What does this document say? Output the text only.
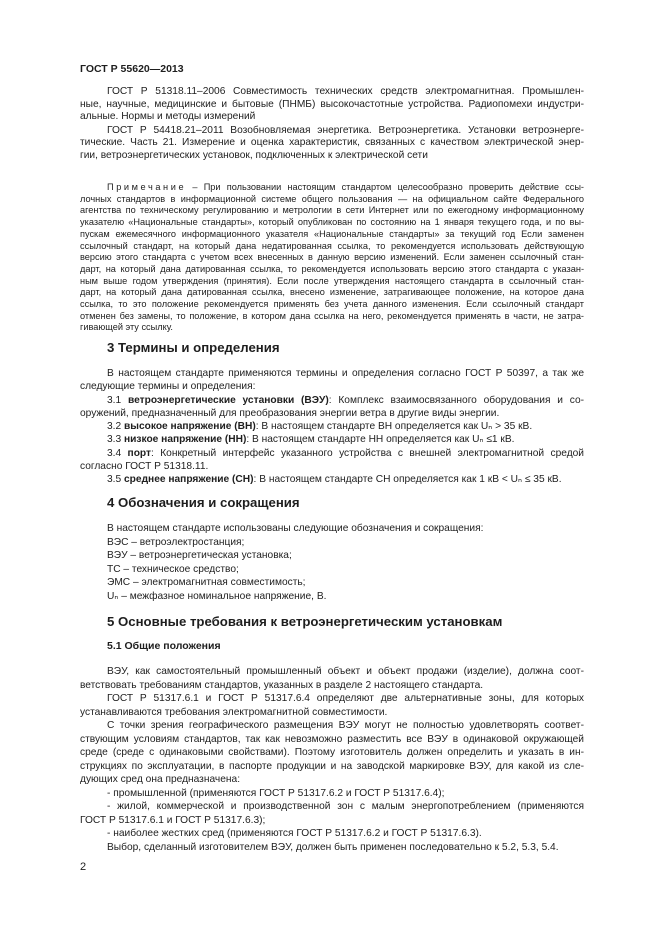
ГОСТ Р 55620—2013
ГОСТ Р 51318.11–2006 Совместимость технических средств электромагнитная. Промышлен-
ные, научные, медицинские и бытовые (ПНМБ) высокочастотные устройства. Радиопомехи индустри-
альные. Нормы и методы измерений
ГОСТ Р 54418.21–2011 Возобновляемая энергетика. Ветроэнергетика. Установки ветроэнерге-
тические. Часть 21. Измерение и оценка характеристик, связанных с качеством электрической энер-
гии, ветроэнергетических установок, подключенных к электрической сети
Примечание – При пользовании настоящим стандартом целесообразно проверить действие ссы-
лочных стандартов в информационной системе общего пользования — на официальном сайте Федерального
агентства по техническому регулированию и метрологии в сети Интернет или по ежегодному информационному
указателю «Национальные стандарты», который опубликован по состоянию на 1 января текущего года, и по вы-
пускам ежемесячного информационного указателя «Национальные стандарты» за текущий год Если заменен
ссылочный стандарт, на который дана недатированная ссылка, то рекомендуется использовать действующую
версию этого стандарта с учетом всех внесенных в данную версию изменений. Если заменен ссылочный стан-
дарт, на который дана датированная ссылка, то рекомендуется использовать версию этого стандарта с указан-
ным выше годом утверждения (принятия). Если после утверждения настоящего стандарта в ссылочный стан-
дарт, на который дана датированная ссылка, внесено изменение, затрагивающее положение, на которое дана
ссылка, то это положение рекомендуется применять без учета данного изменения. Если ссылочный стандарт
отменен без замены, то положение, в котором дана ссылка на него, рекомендуется применять в части, не затра-
гивающей эту ссылку.
3 Термины и определения
В настоящем стандарте применяются термины и определения согласно ГОСТ Р 50397, а так же
следующие термины и определения:
3.1 ветроэнергетические установки (ВЭУ): Комплекс взаимосвязанного оборудования и со-
оружений, предназначенный для преобразования энергии ветра в другие виды энергии.
3.2 высокое напряжение (ВН): В настоящем стандарте ВН определяется как Uₙ > 35 кВ.
3.3 низкое напряжение (НН): В настоящем стандарте НН определяется как Uₙ ≤1 кВ.
3.4 порт: Конкретный интерфейс указанного устройства с внешней электромагнитной средой
согласно ГОСТ Р 51318.11.
3.5 среднее напряжение (СН): В настоящем стандарте СН определяется как 1 кВ < Uₙ ≤ 35 кВ.
4 Обозначения и сокращения
В настоящем стандарте использованы следующие обозначения и сокращения:
ВЭС – ветроэлектростанция;
ВЭУ – ветроэнергетическая установка;
ТС – техническое средство;
ЭМС – электромагнитная совместимость;
Uₙ – межфазное номинальное напряжение, В.
5 Основные требования к ветроэнергетическим установкам
5.1 Общие положения
ВЭУ, как самостоятельный промышленный объект и объект продажи (изделие), должна соот-
ветствовать требованиям стандартов, указанных в разделе 2 настоящего стандарта.
ГОСТ Р 51317.6.1 и ГОСТ Р 51317.6.4 определяют две альтернативные зоны, для которых
устанавливаются требования электромагнитной совместимости.
С точки зрения географического размещения ВЭУ могут не полностью удовлетворять соответ-
ствующим условиям стандартов, так как невозможно разместить все ВЭУ в одинаковой окружающей
среде (среде с одинаковыми свойствами). Поэтому изготовитель должен определить и указать в ин-
струкциях по эксплуатации, в паспорте продукции и на заводской маркировке ВЭУ, для какой из сле-
дующих сред она предназначена:
- промышленной (применяются ГОСТ Р 51317.6.2 и ГОСТ Р 51317.6.4);
- жилой, коммерческой и производственной зон с малым энергопотреблением (применяются
ГОСТ Р 51317.6.1 и ГОСТ Р 51317.6.3);
- наиболее жестких сред (применяются ГОСТ Р 51317.6.2 и ГОСТ Р 51317.6.3).
Выбор, сделанный изготовителем ВЭУ, должен быть применен последовательно к 5.2, 5.3, 5.4.
2
